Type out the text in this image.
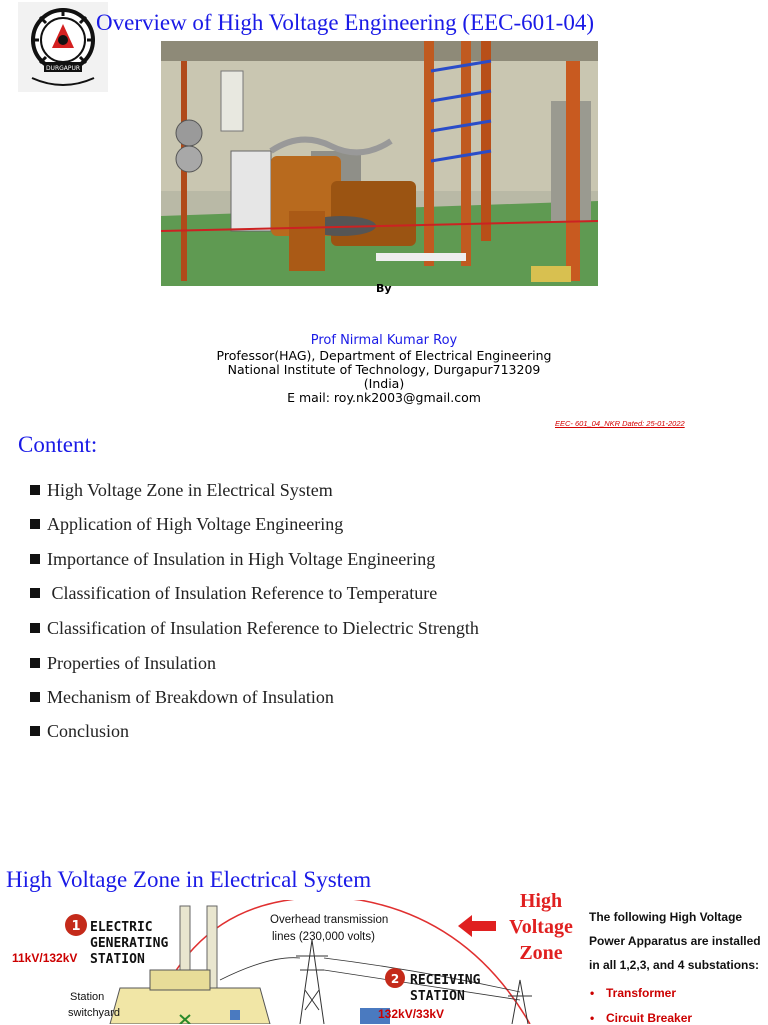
DURGAPUR
Overview of High Voltage Engineering (EEC-601-04)
By
Prof Nirmal Kumar Roy
Professor(HAG), Department of Electrical Engineering
National Institute of Technology, Durgapur713209
(India)
E mail: roy.nk2003@gmail.com
EEC- 601_04_NKR Dated: 25-01-2022
Content:
High Voltage Zone in Electrical System
Application of High Voltage Engineering
Importance of Insulation in High Voltage Engineering
Classification of Insulation Reference to Temperature
Classification of Insulation Reference to Dielectric Strength
Properties of Insulation
Mechanism of Breakdown of Insulation
Conclusion
High Voltage Zone in Electrical System
1 ELECTRIC
GENERATING
STATION
11kV/132kV
Station
switchyard
Overhead transmission
lines (230,000 volts)
2 RECEIVING
STATION
132kV/33kV
High
Voltage
Zone
The following High Voltage Power Apparatus are installed in all 1,2,3, and 4 substations:
• Transformer
• Circuit Breaker
